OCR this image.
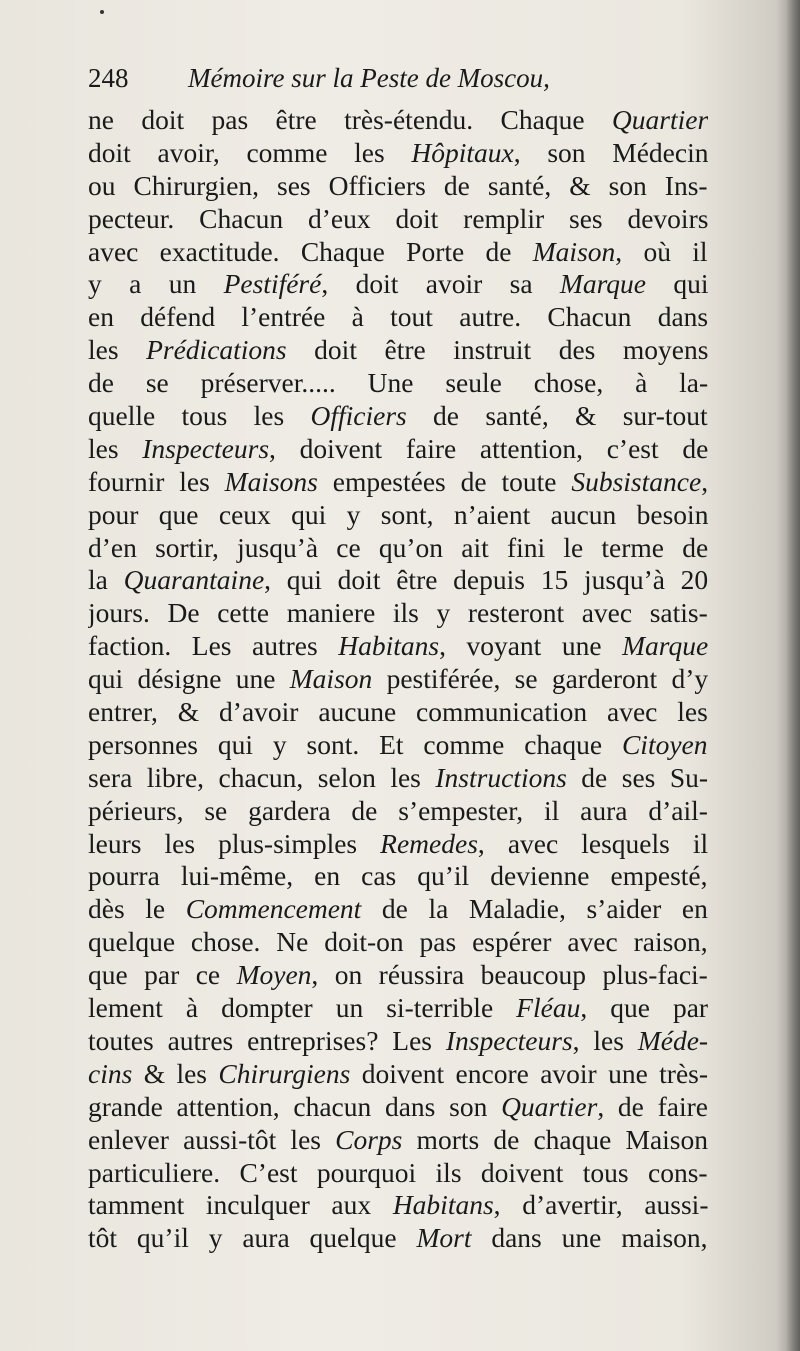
248 Mémoire sur la Peste de Moscou,
ne doit pas être très-étendu. Chaque Quartier
doit avoir, comme les Hôpitaux, son Médecin
ou Chirurgien, ses Officiers de santé, & son Ins-
pecteur. Chacun d’eux doit remplir ses devoirs
avec exactitude. Chaque Porte de Maison, où il
y a un Pestiféré, doit avoir sa Marque qui
en défend l’entrée à tout autre. Chacun dans
les Prédications doit être instruit des moyens
de se préserver..... Une seule chose, à la-
quelle tous les Officiers de santé, & sur-tout
les Inspecteurs, doivent faire attention, c’est de
fournir les Maisons empestées de toute Subsistance,
pour que ceux qui y sont, n’aient aucun besoin
d’en sortir, jusqu’à ce qu’on ait fini le terme de
la Quarantaine, qui doit être depuis 15 jusqu’à 20
jours. De cette maniere ils y resteront avec satis-
faction. Les autres Habitans, voyant une Marque
qui désigne une Maison pestiférée, se garderont d’y
entrer, & d’avoir aucune communication avec les
personnes qui y sont. Et comme chaque Citoyen
sera libre, chacun, selon les Instructions de ses Su-
périeurs, se gardera de s’empester, il aura d’ail-
leurs les plus-simples Remedes, avec lesquels il
pourra lui-même, en cas qu’il devienne empesté,
dès le Commencement de la Maladie, s’aider en
quelque chose. Ne doit-on pas espérer avec raison,
que par ce Moyen, on réussira beaucoup plus-faci-
lement à dompter un si-terrible Fléau, que par
toutes autres entreprises? Les Inspecteurs, les Méde-
cins & les Chirurgiens doivent encore avoir une très-
grande attention, chacun dans son Quartier, de faire
enlever aussi-tôt les Corps morts de chaque Maison
particuliere. C’est pourquoi ils doivent tous cons-
tamment inculquer aux Habitans, d’avertir, aussi-
tôt qu’il y aura quelque Mort dans une maison,
